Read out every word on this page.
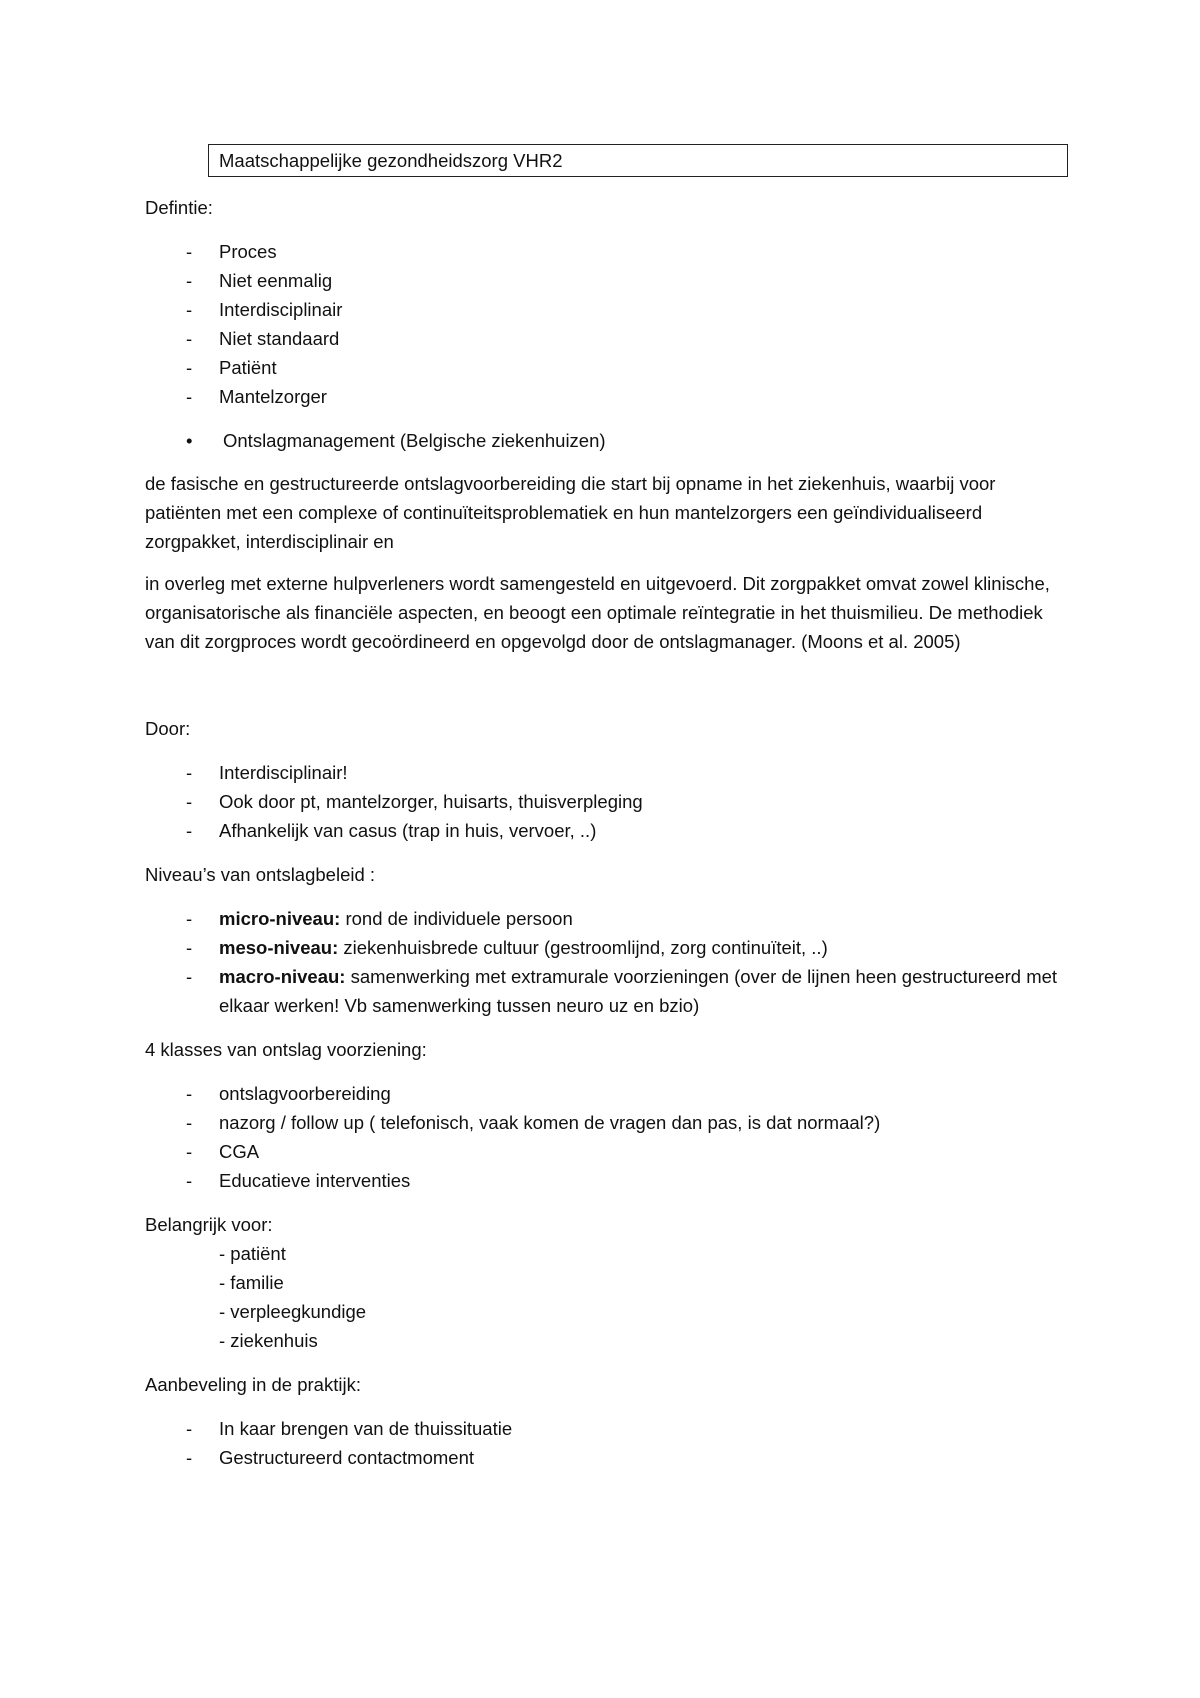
Maatschappelijke gezondheidszorg VHR2

Defintie:

- Proces
- Niet eenmalig
- Interdisciplinair
- Niet standaard
- Patiënt
- Mantelzorger
• Ontslagmanagement (Belgische ziekenhuizen)

de fasische en gestructureerde ontslagvoorbereiding die start bij opname in het ziekenhuis, waarbij voor patiënten met een complexe of continuïteitsproblematiek en hun mantelzorgers een geïndividualiseerd zorgpakket, interdisciplinair en

in overleg met externe hulpverleners wordt samengesteld en uitgevoerd. Dit zorgpakket omvat zowel klinische, organisatorische als financiële aspecten, en beoogt een optimale reïntegratie in het thuismilieu. De methodiek van dit zorgproces wordt gecoördineerd en opgevolgd door de ontslagmanager. (Moons et al. 2005)

Door:

- Interdisciplinair!
- Ook door pt, mantelzorger, huisarts, thuisverpleging
- Afhankelijk van casus (trap in huis, vervoer, ..)

Niveau’s van ontslagbeleid :

- micro-niveau: rond de individuele persoon
- meso-niveau: ziekenhuisbrede cultuur (gestroomlijnd, zorg continuïteit, ..)
- macro-niveau: samenwerking met extramurale voorzieningen (over de lijnen heen gestructureerd met elkaar werken! Vb samenwerking tussen neuro uz en bzio)

4 klasses van ontslag voorziening:

- ontslagvoorbereiding
- nazorg / follow up ( telefonisch, vaak komen de vragen dan pas, is dat normaal?)
- CGA
- Educatieve interventies

Belangrijk voor:

- patiënt
- familie
- verpleegkundige
- ziekenhuis

Aanbeveling in de praktijk:

- In kaar brengen van de thuissituatie
- Gestructureerd contactmoment
